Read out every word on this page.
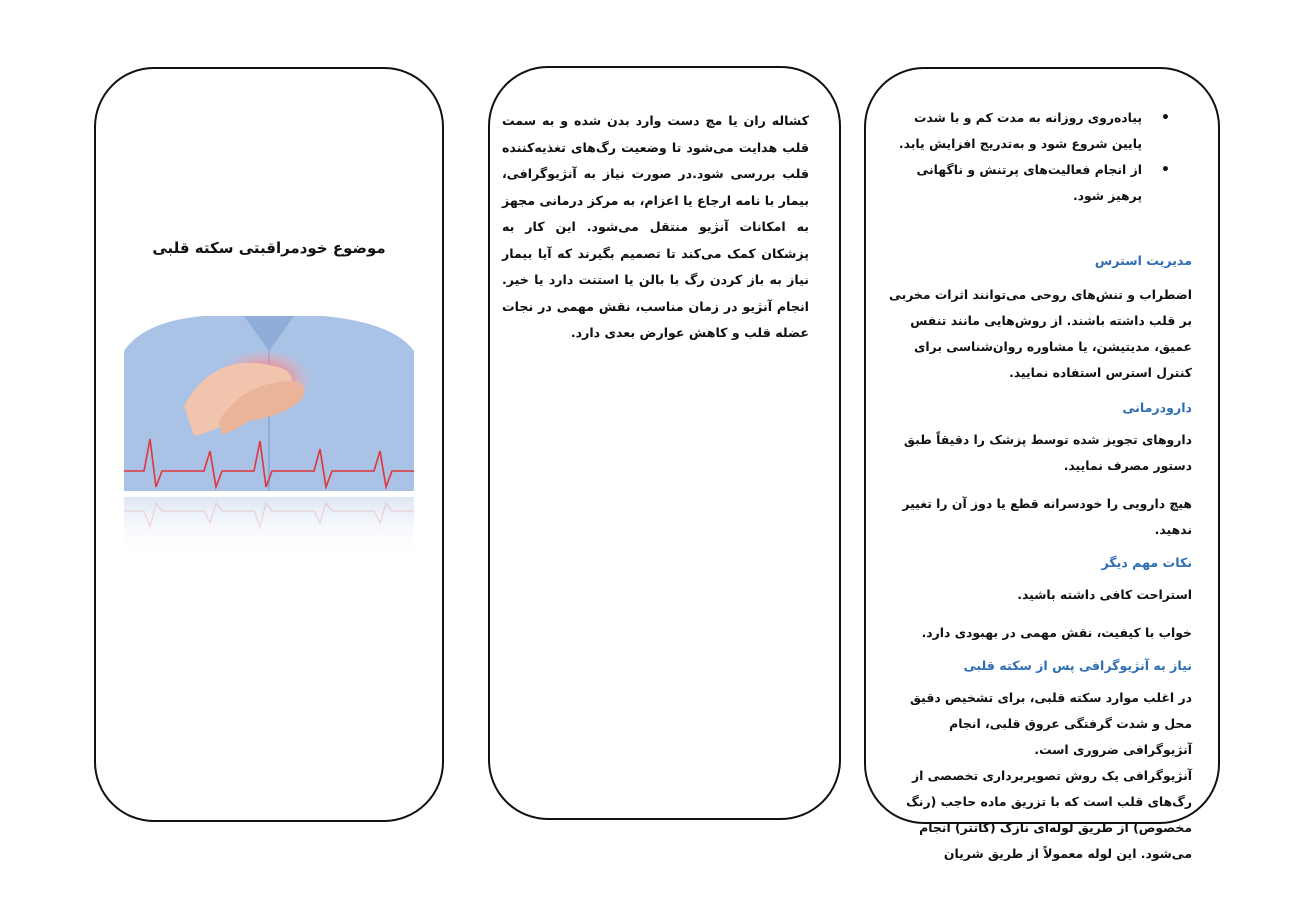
موضوع خودمراقبتی سکته قلبی
کشاله ران یا مچ دست وارد بدن شده و به سمت قلب هدایت می‌شود تا وضعیت رگ‌های تغذیه‌کننده قلب بررسی شود.در صورت نیاز به آنژیوگرافی، بیمار با نامه ارجاع یا اعزام، به مرکز درمانی مجهز به امکانات آنژیو منتقل می‌شود. این کار به پزشکان کمک می‌کند تا تصمیم بگیرند که آیا بیمار نیاز به باز کردن رگ با بالن یا استنت دارد یا خیر. انجام آنژیو در زمان مناسب، نقش مهمی در نجات عضله قلب و کاهش عوارض بعدی دارد.
•
پیاده‌روی روزانه به مدت کم و با شدت پایین شروع شود و به‌تدریج افزایش یابد.
•
از انجام فعالیت‌های پرتنش و ناگهانی پرهیز شود.

مدیریت استرس

اضطراب و تنش‌های روحی می‌توانند اثرات مخربی بر قلب داشته باشند. از روش‌هایی مانند تنفس عمیق، مدیتیشن، یا مشاوره روان‌شناسی برای کنترل استرس استفاده نمایید.

دارودرمانی

داروهای تجویز شده توسط پزشک را دقیقاً طبق دستور مصرف نمایید.

هیچ دارویی را خودسرانه قطع یا دوز آن را تغییر ندهید.

نکات مهم دیگر

استراحت کافی داشته باشید.

خواب با کیفیت، نقش مهمی در بهبودی دارد.

نیاز به آنژیوگرافی پس از سکته قلبی

در اغلب موارد سکته قلبی، برای تشخیص دقیق محل و شدت گرفتگی عروق قلبی، انجام آنژیوگرافی ضروری است.

آنژیوگرافی یک روش تصویربرداری تخصصی از رگ‌های قلب است که با تزریق ماده حاجب (رنگ مخصوص) از طریق لوله‌ای نازک (کاتتر) انجام می‌شود. این لوله معمولاً از طریق شریان
